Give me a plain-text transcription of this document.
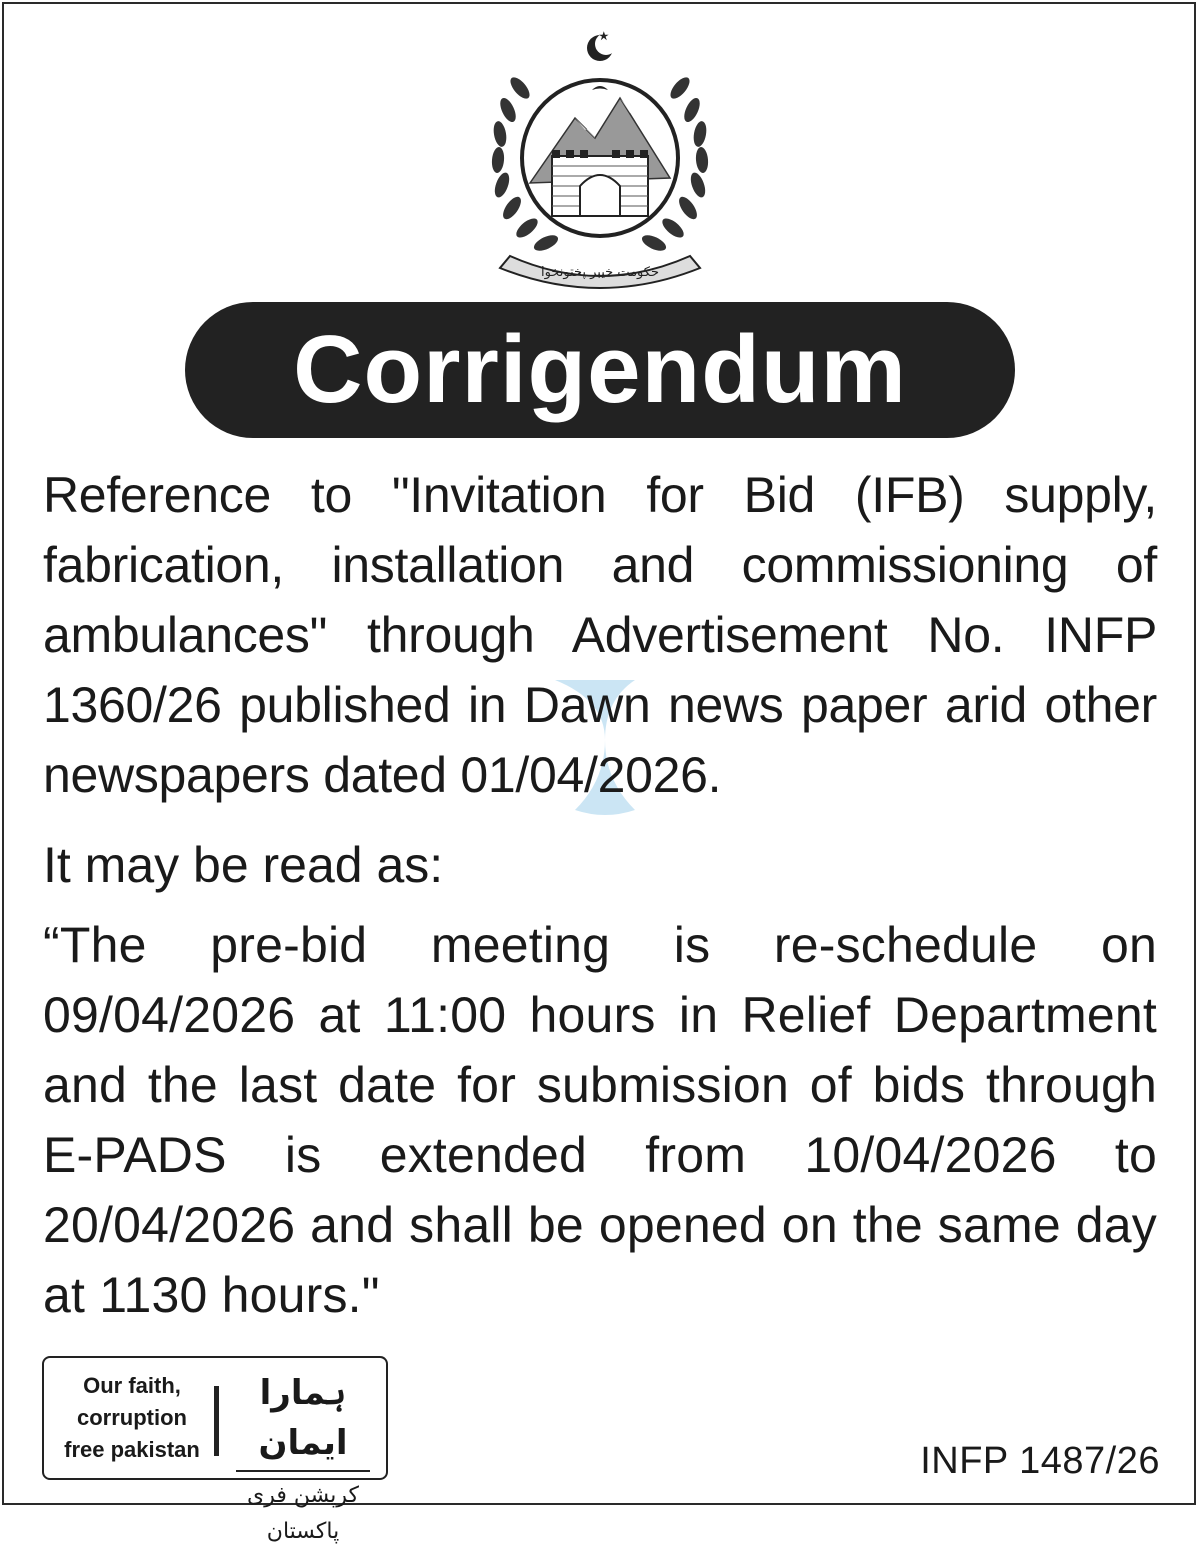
حکومت خیبر پختونخوا
Corrigendum

Reference to "Invitation for Bid (IFB) supply, fabrication, installation and commissioning of ambulances" through Advertisement No. INFP 1360/26 published in Dawn news paper arid other newspapers dated 01/04/2026.

It may be read as:

“The pre-bid meeting is re-schedule on 09/04/2026 at 11:00 hours in Relief Department and the last date for submission of bids through E-PADS is extended from 10/04/2026 to 20/04/2026 and shall be opened on the same day at 1130 hours."

Our faith,
corruption
free pakistan
ہمارا ایمان
کرپشن فری پاکستان
INFP 1487/26
